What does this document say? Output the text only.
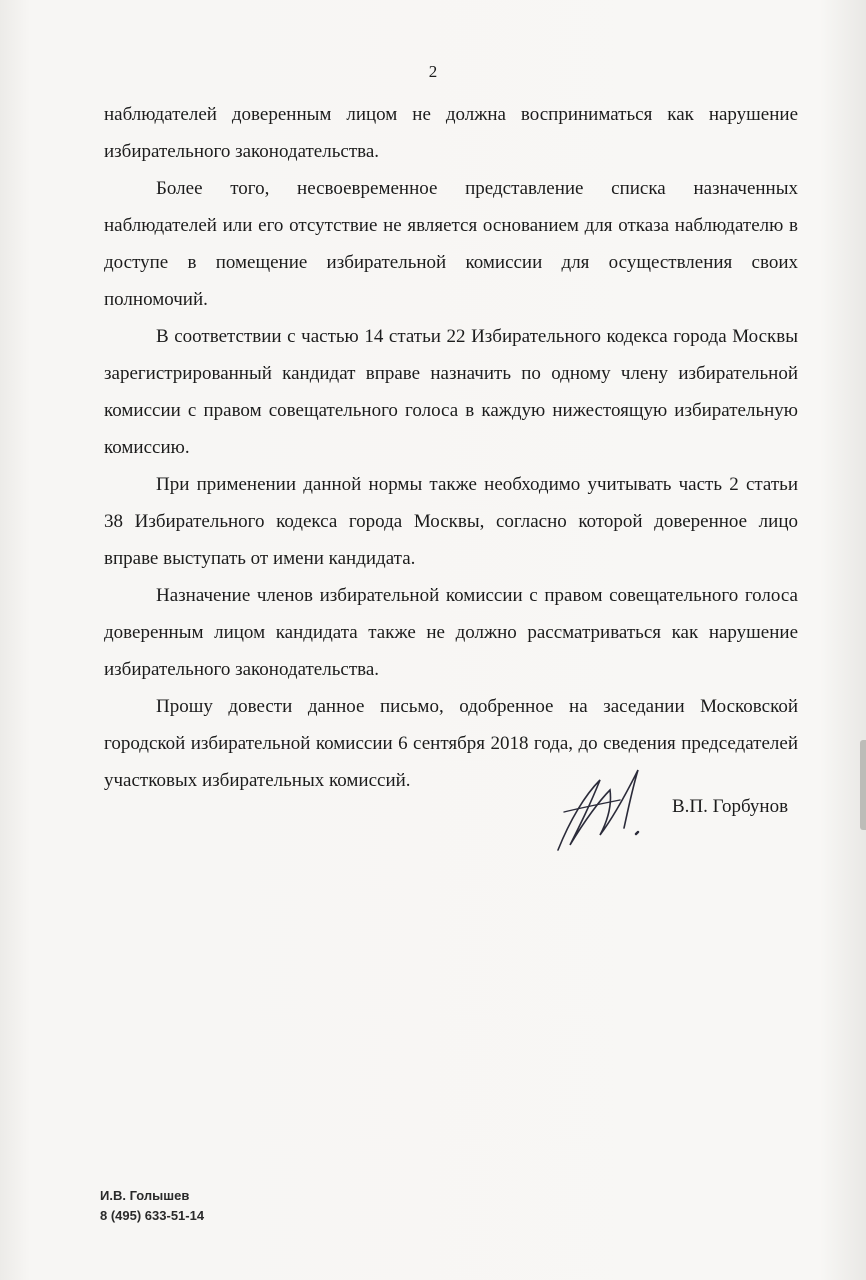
2

наблюдателей доверенным лицом не должна восприниматься как нарушение избирательного законодательства.

Более того, несвоевременное представление списка назначенных наблюдателей или его отсутствие не является основанием для отказа наблюдателю в доступе в помещение избирательной комиссии для осуществления своих полномочий.

В соответствии с частью 14 статьи 22 Избирательного кодекса города Москвы зарегистрированный кандидат вправе назначить по одному члену избирательной комиссии с правом совещательного голоса в каждую нижестоящую избирательную комиссию.

При применении данной нормы также необходимо учитывать часть 2 статьи 38 Избирательного кодекса города Москвы, согласно которой доверенное лицо вправе выступать от имени кандидата.

Назначение членов избирательной комиссии с правом совещательного голоса доверенным лицом кандидата также не должно рассматриваться как нарушение избирательного законодательства.

Прошу довести данное письмо, одобренное на заседании Московской городской избирательной комиссии 6 сентября 2018 года, до сведения председателей участковых избирательных комиссий.

В.П. Горбунов
И.В. Голышев
8 (495) 633-51-14
